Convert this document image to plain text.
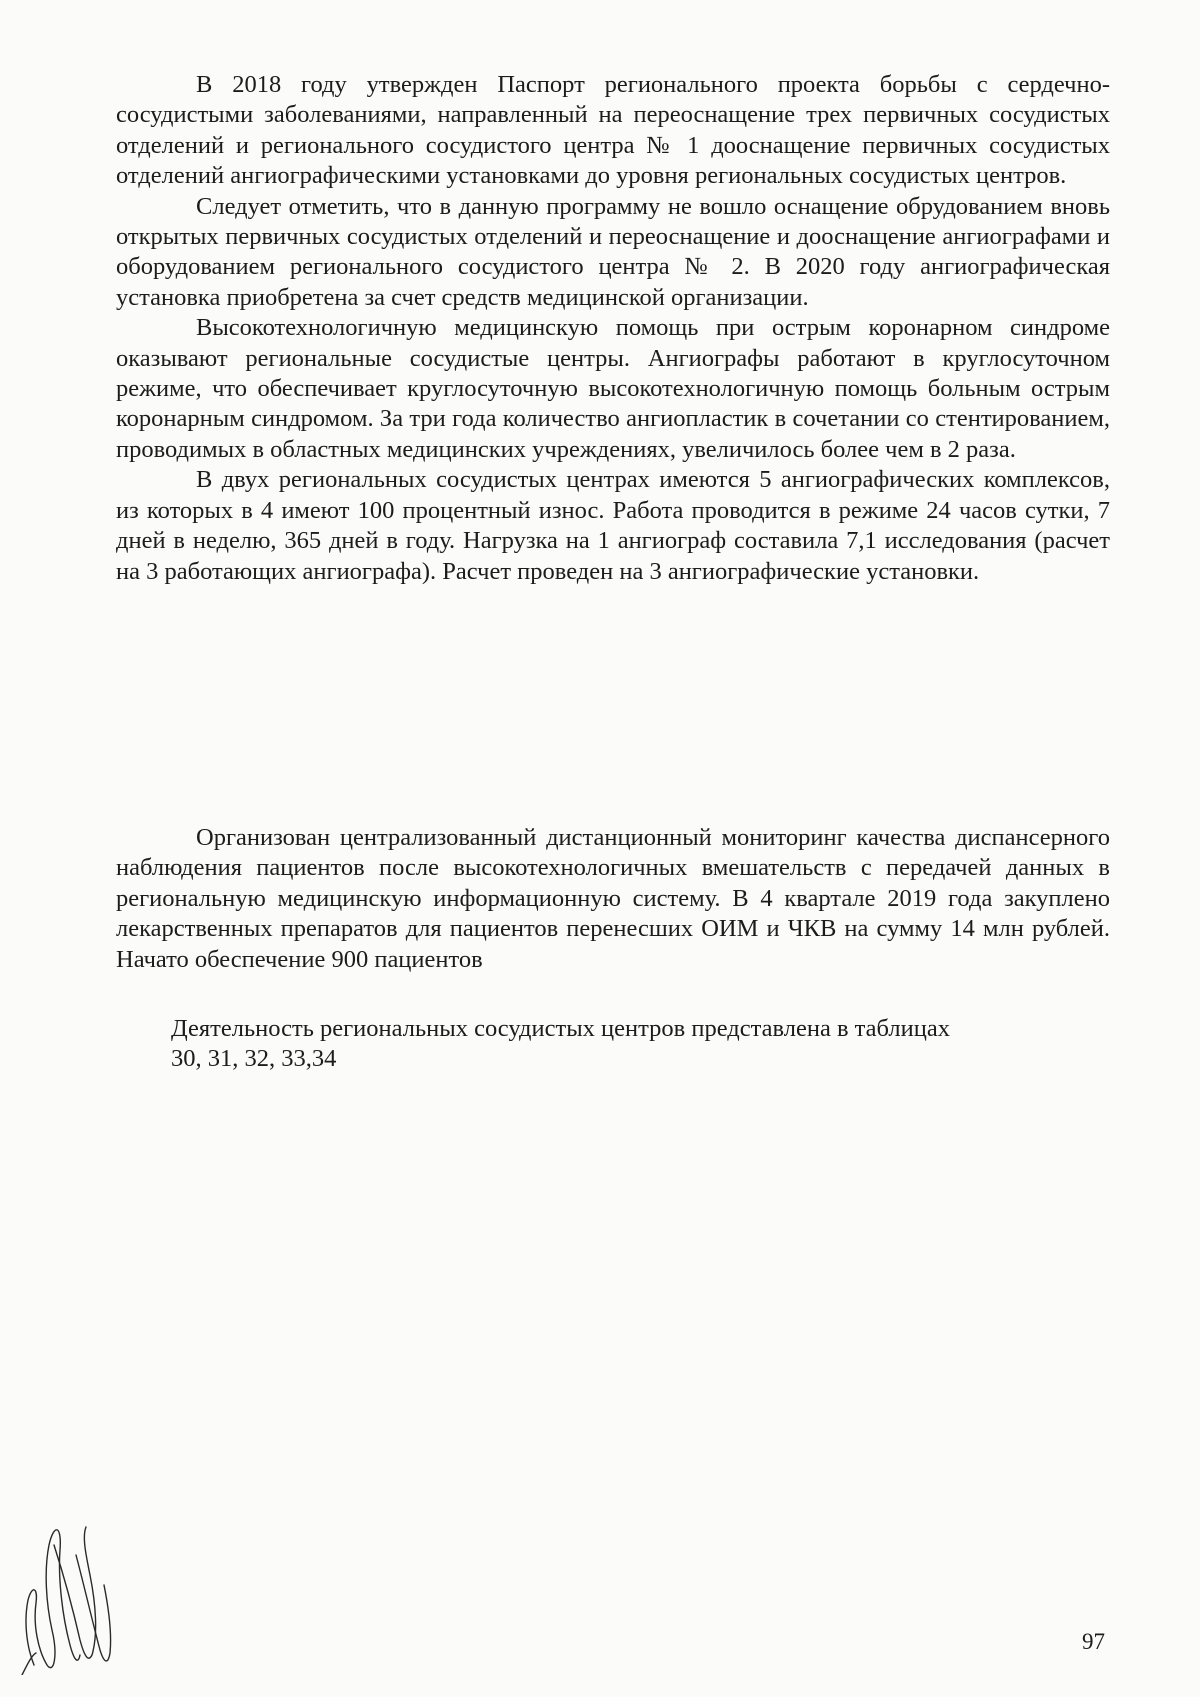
В 2018 году утвержден Паспорт регионального проекта борьбы с сердечно-сосудистыми заболеваниями, направленный на переоснащение трех первичных сосудистых отделений и регионального сосудистого центра № 1 дооснащение первичных сосудистых отделений ангиографическими установками до уровня региональных сосудистых центров.

Следует отметить, что в данную программу не вошло оснащение обрудованием вновь открытых первичных сосудистых отделений и переоснащение и дооснащение ангиографами и оборудованием регионального сосудистого центра № 2. В 2020 году ангиографическая установка приобретена за счет средств медицинской организации.

Высокотехнологичную медицинскую помощь при острым коронарном синдроме оказывают региональные сосудистые центры. Ангиографы работают в круглосуточном режиме, что обеспечивает круглосуточную высокотехнологичную помощь больным острым коронарным синдромом. За три года количество ангиопластик в сочетании со стентированием, проводимых в областных медицинских учреждениях, увеличилось более чем в 2 раза.

В двух региональных сосудистых центрах имеются 5 ангиографических комплексов, из которых в 4 имеют 100 процентный износ. Работа проводится в режиме 24 часов сутки, 7 дней в неделю, 365 дней в году. Нагрузка на 1 ангиограф составила 7,1 исследования (расчет на 3 работающих ангиографа). Расчет проведен на 3 ангиографические установки.

Организован централизованный дистанционный мониторинг качества диспансерного наблюдения пациентов после высокотехнологичных вмешательств с передачей данных в региональную медицинскую информационную систему. В 4 квартале 2019 года закуплено лекарственных препаратов для пациентов перенесших ОИМ и ЧКВ на сумму 14 млн рублей. Начато обеспечение 900 пациентов

Деятельность региональных сосудистых центров представлена в таблицах
30, 31, 32, 33,34
97
